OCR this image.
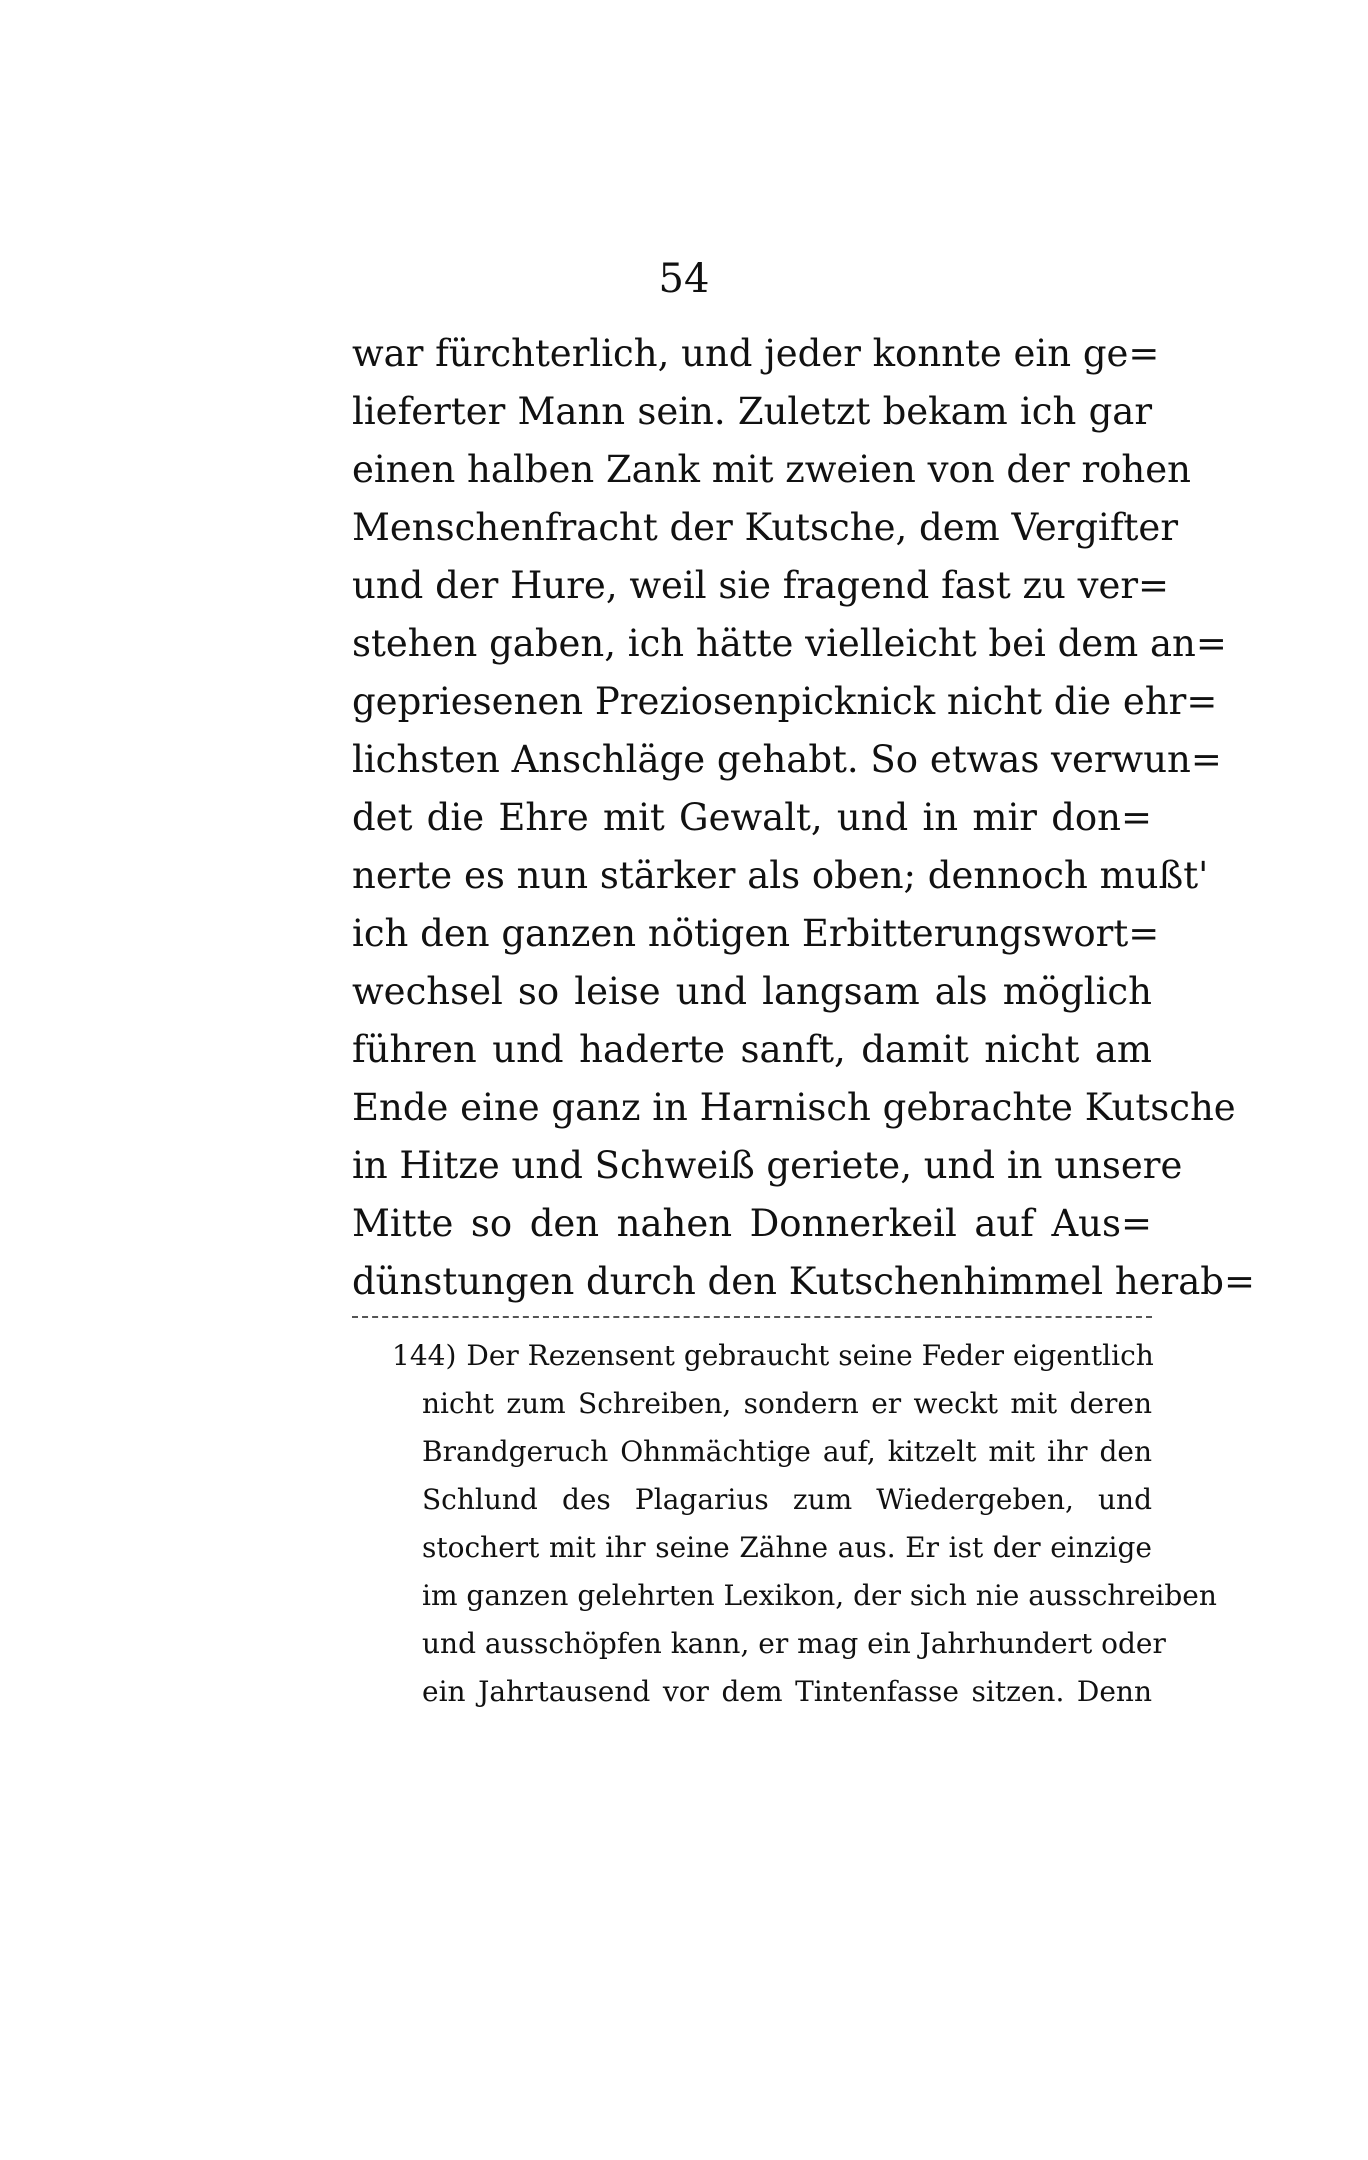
54
war fürchterlich, und jeder konnte ein ge=
lieferter Mann sein. Zuletzt bekam ich gar
einen halben Zank mit zweien von der rohen
Menschenfracht der Kutsche, dem Vergifter
und der Hure, weil sie fragend fast zu ver=
stehen gaben, ich hätte vielleicht bei dem an=
gepriesenen Preziosenpicknick nicht die ehr=
lichsten Anschläge gehabt. So etwas verwun=
det die Ehre mit Gewalt, und in mir don=
nerte es nun stärker als oben; dennoch mußt'
ich den ganzen nötigen Erbitterungswort=
wechsel so leise und langsam als möglich
führen und haderte sanft, damit nicht am
Ende eine ganz in Harnisch gebrachte Kutsche
in Hitze und Schweiß geriete, und in unsere
Mitte so den nahen Donnerkeil auf Aus=
dünstungen durch den Kutschenhimmel herab=
144) Der Rezensent gebraucht seine Feder eigentlich
nicht zum Schreiben, sondern er weckt mit deren
Brandgeruch Ohnmächtige auf, kitzelt mit ihr den
Schlund des Plagarius zum Wiedergeben, und
stochert mit ihr seine Zähne aus. Er ist der einzige
im ganzen gelehrten Lexikon, der sich nie ausschreiben
und ausschöpfen kann, er mag ein Jahrhundert oder
ein Jahrtausend vor dem Tintenfasse sitzen. Denn
